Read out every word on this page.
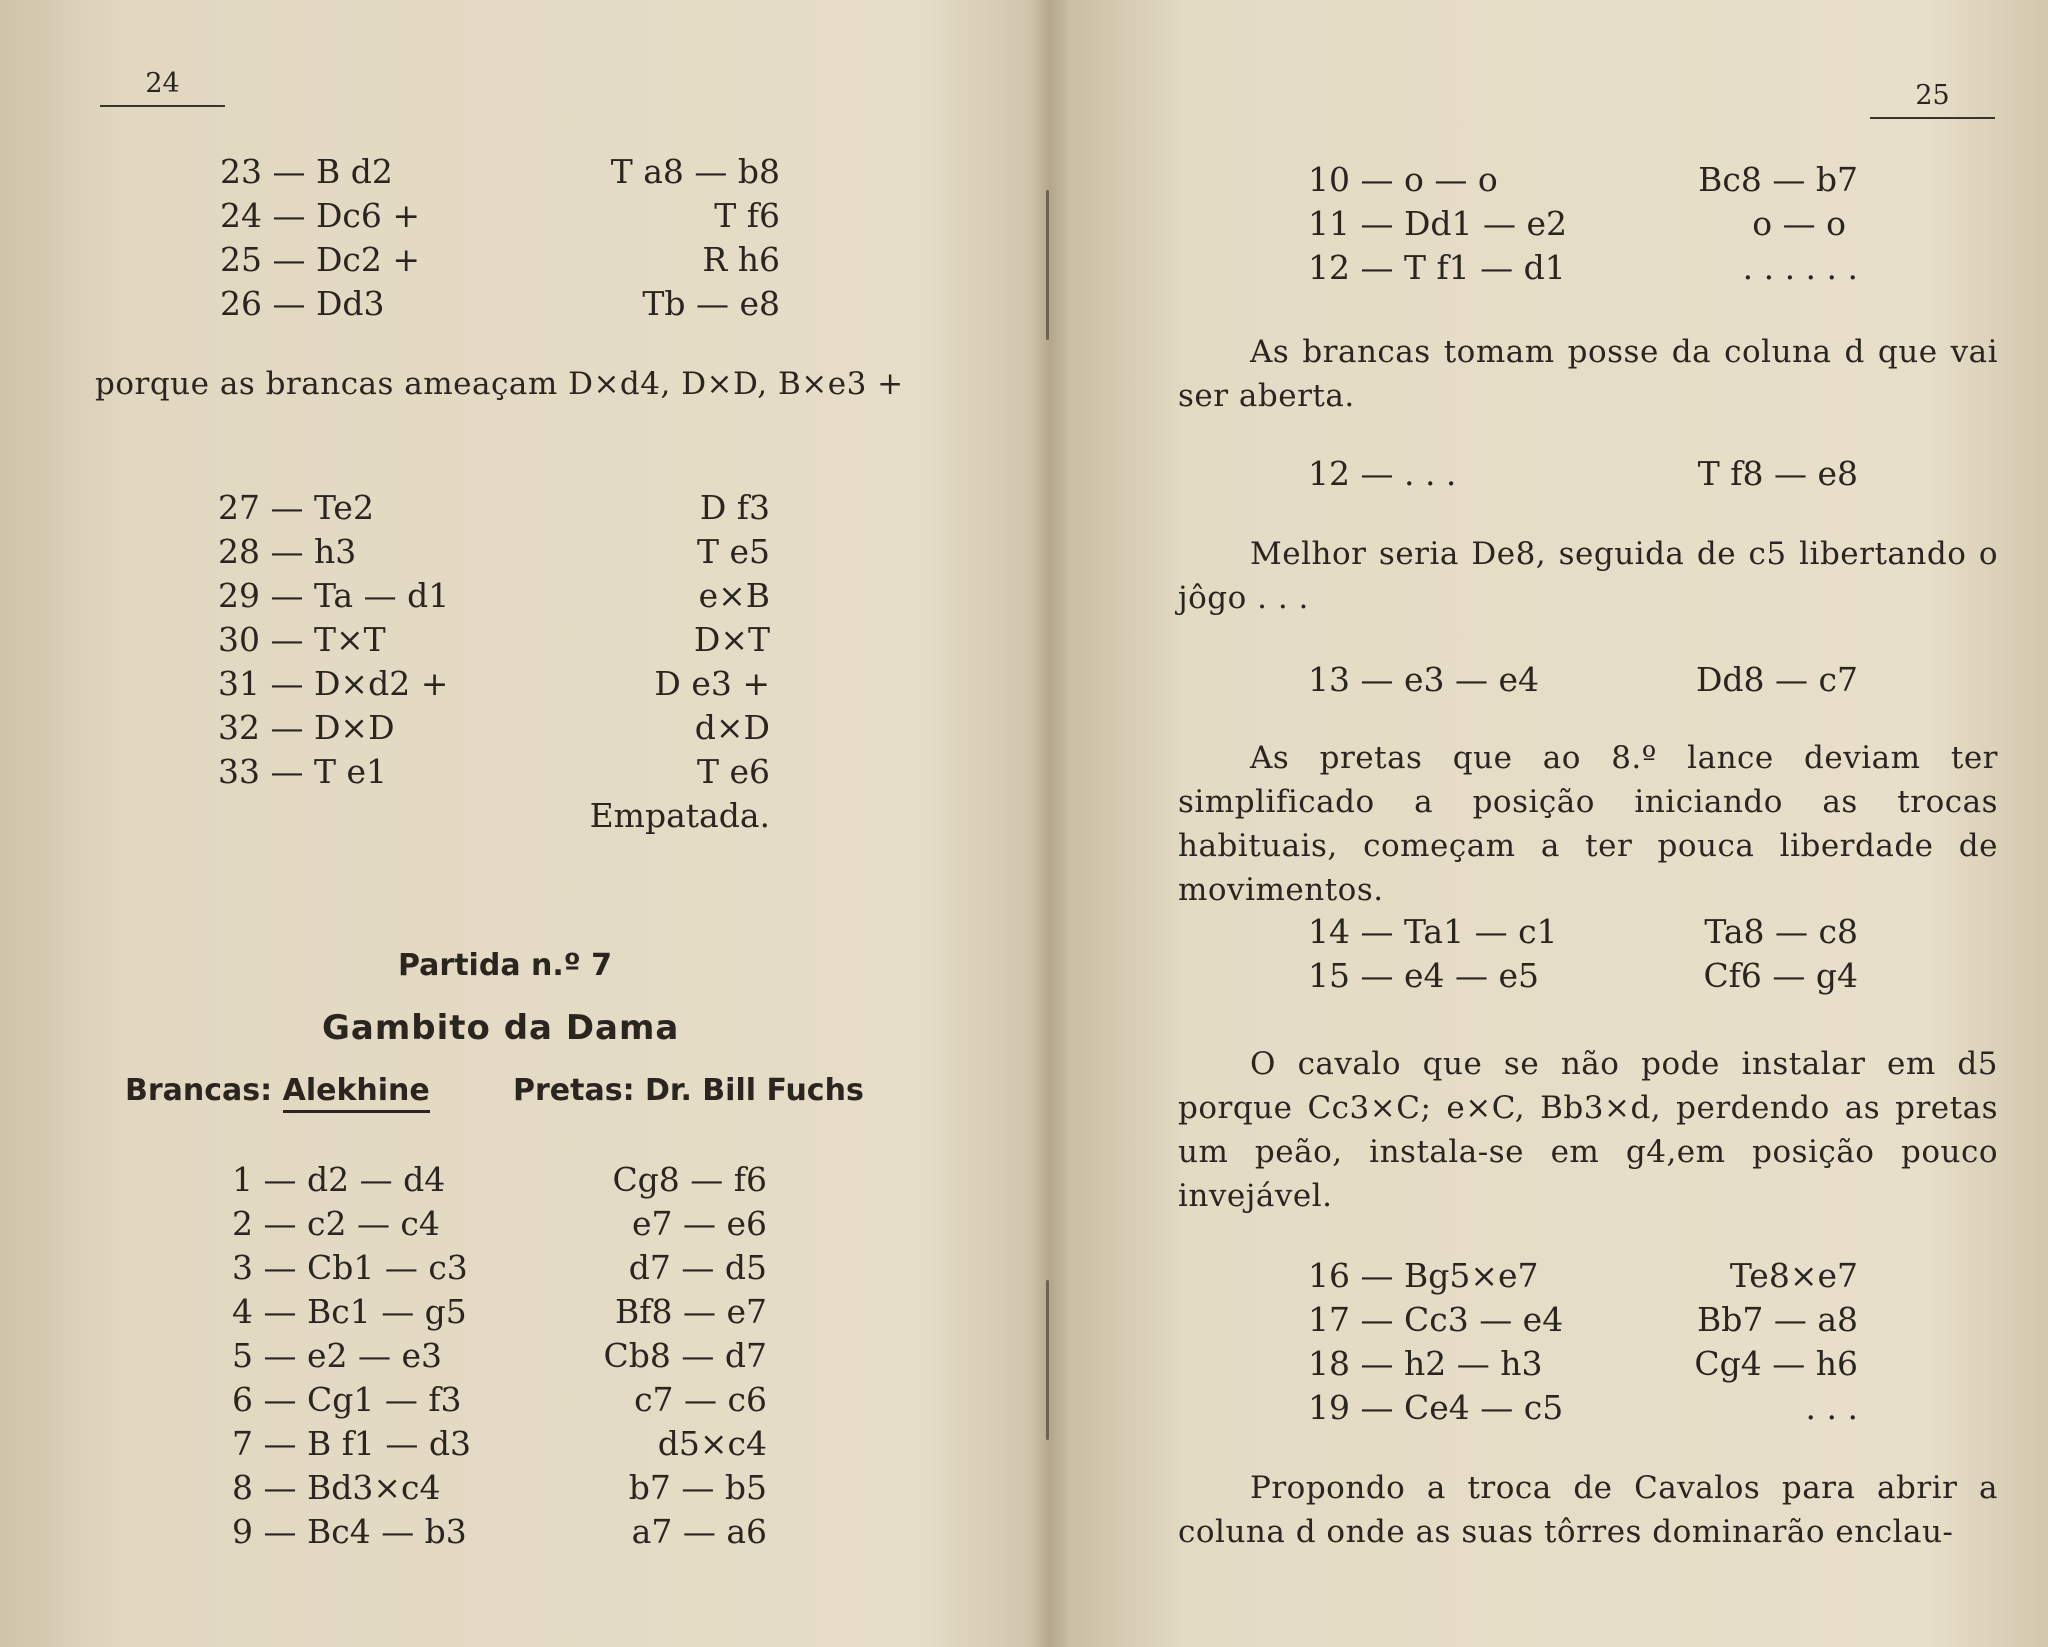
24
23 — B d2	T a8 — b8
24 — Dc6 +	T f6
25 — Dc2 +	R h6
26 — Dd3	Tb — e8
porque as brancas ameaçam D×d4, D×D, B×e3 +
27 — Te2	D f3
28 — h3	T e5
29 — Ta — d1	e×B
30 — T×T	D×T
31 — D×d2 +	D e3 +
32 — D×D	d×D
33 — T e1	T e6
Empatada.
Partida n.º 7
Gambito da Dama
Brancas: Alekhine	Pretas: Dr. Bill Fuchs
1 — d2 — d4	Cg8 — f6
2 — c2 — c4	e7 — e6
3 — Cb1 — c3	d7 — d5
4 — Bc1 — g5	Bf8 — e7
5 — e2 — e3	Cb8 — d7
6 — Cg1 — f3	c7 — c6
7 — B f1 — d3	d5×c4
8 — Bd3×c4	b7 — b5
9 — Bc4 — b3	a7 — a6
25
10 — o — o	Bc8 — b7
11 — Dd1 — e2	o — o
12 — T f1 — d1	. . . . . .
As brancas tomam posse da coluna d que vai ser aberta.
12 — . . .	T f8 — e8
Melhor seria De8, seguida de c5 libertando o jôgo . . .
13 — e3 — e4	Dd8 — c7
As pretas que ao 8.º lance deviam ter simplificado a posição iniciando as trocas habituais, começam a ter pouca liberdade de movimentos.
14 — Ta1 — c1	Ta8 — c8
15 — e4 — e5	Cf6 — g4
O cavalo que se não pode instalar em d5 porque Cc3×C; e×C, Bb3×d, perdendo as pretas um peão, instala-se em g4,em posição pouco invejável.
16 — Bg5×e7	Te8×e7
17 — Cc3 — e4	Bb7 — a8
18 — h2 — h3	Cg4 — h6
19 — Ce4 — c5	. . .
Propondo a troca de Cavalos para abrir a coluna d onde as suas tôrres dominarão enclau-
